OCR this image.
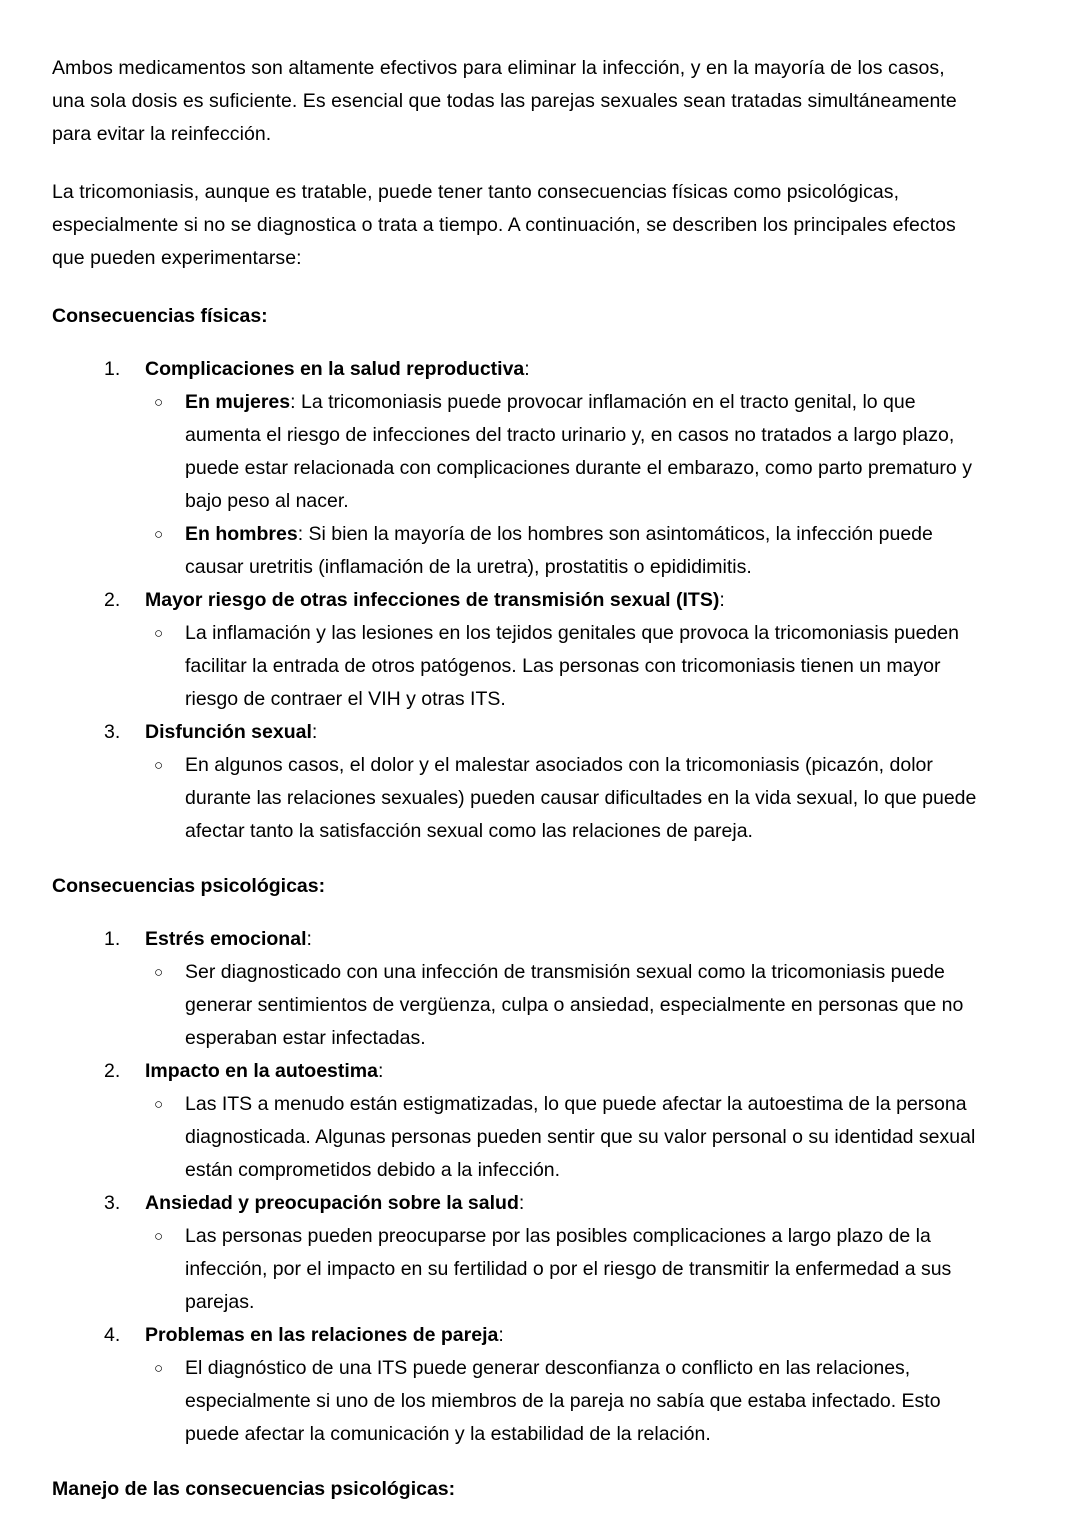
Ambos medicamentos son altamente efectivos para eliminar la infección, y en la mayoría de los casos, una sola dosis es suficiente. Es esencial que todas las parejas sexuales sean tratadas simultáneamente para evitar la reinfección.

La tricomoniasis, aunque es tratable, puede tener tanto consecuencias físicas como psicológicas, especialmente si no se diagnostica o trata a tiempo. A continuación, se describen los principales efectos que pueden experimentarse:

Consecuencias físicas:
1.	Complicaciones en la salud reproductiva:
○ En mujeres: La tricomoniasis puede provocar inflamación en el tracto genital, lo que aumenta el riesgo de infecciones del tracto urinario y, en casos no tratados a largo plazo, puede estar relacionada con complicaciones durante el embarazo, como parto prematuro y bajo peso al nacer.
○ En hombres: Si bien la mayoría de los hombres son asintomáticos, la infección puede causar uretritis (inflamación de la uretra), prostatitis o epididimitis.
2.	Mayor riesgo de otras infecciones de transmisión sexual (ITS):
○ La inflamación y las lesiones en los tejidos genitales que provoca la tricomoniasis pueden facilitar la entrada de otros patógenos. Las personas con tricomoniasis tienen un mayor riesgo de contraer el VIH y otras ITS.
3.	Disfunción sexual:
○ En algunos casos, el dolor y el malestar asociados con la tricomoniasis (picazón, dolor durante las relaciones sexuales) pueden causar dificultades en la vida sexual, lo que puede afectar tanto la satisfacción sexual como las relaciones de pareja.
Consecuencias psicológicas:
1.	Estrés emocional:
○ Ser diagnosticado con una infección de transmisión sexual como la tricomoniasis puede generar sentimientos de vergüenza, culpa o ansiedad, especialmente en personas que no esperaban estar infectadas.
2.	Impacto en la autoestima:
○ Las ITS a menudo están estigmatizadas, lo que puede afectar la autoestima de la persona diagnosticada. Algunas personas pueden sentir que su valor personal o su identidad sexual están comprometidos debido a la infección.
3.	Ansiedad y preocupación sobre la salud:
○ Las personas pueden preocuparse por las posibles complicaciones a largo plazo de la infección, por el impacto en su fertilidad o por el riesgo de transmitir la enfermedad a sus parejas.
4.	Problemas en las relaciones de pareja:
○ El diagnóstico de una ITS puede generar desconfianza o conflicto en las relaciones, especialmente si uno de los miembros de la pareja no sabía que estaba infectado. Esto puede afectar la comunicación y la estabilidad de la relación.
Manejo de las consecuencias psicológicas:
